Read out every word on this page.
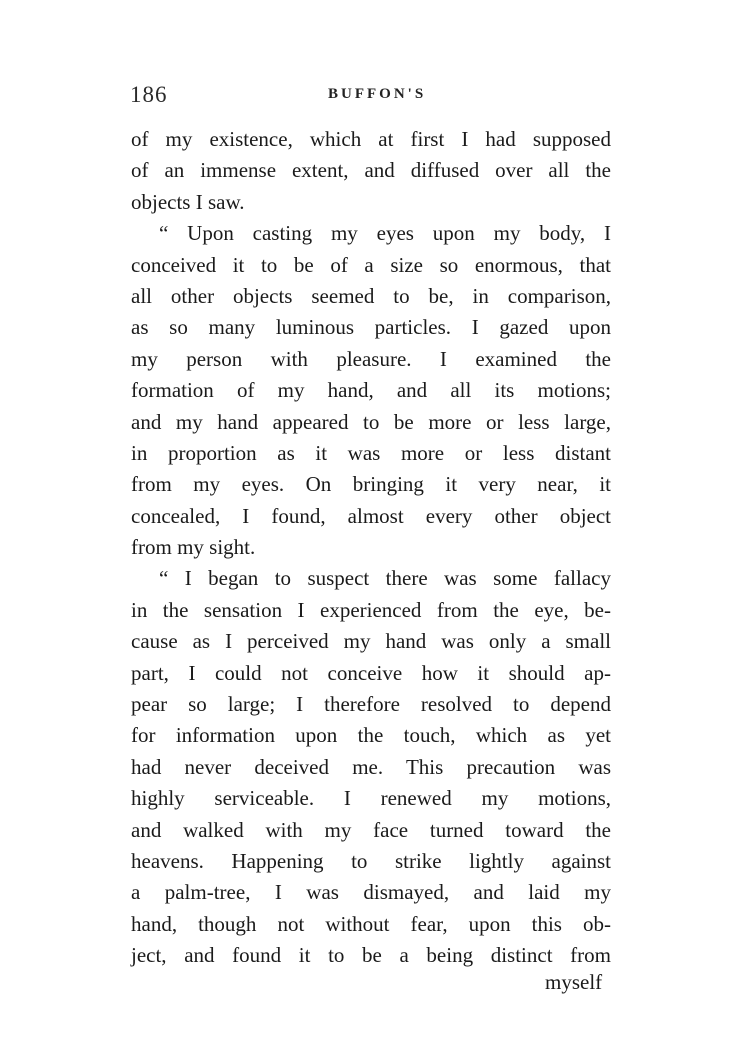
186	BUFFON'S
of my existence, which at first I had supposed
of an immense extent, and diffused over all the
objects I saw.
“ Upon casting my eyes upon my body, I
conceived it to be of a size so enormous, that
all other objects seemed to be, in comparison,
as so many luminous particles. I gazed upon
my person with pleasure. I examined the
formation of my hand, and all its motions;
and my hand appeared to be more or less large,
in proportion as it was more or less distant
from my eyes. On bringing it very near, it
concealed, I found, almost every other object
from my sight.
“ I began to suspect there was some fallacy
in the sensation I experienced from the eye, be-
cause as I perceived my hand was only a small
part, I could not conceive how it should ap-
pear so large; I therefore resolved to depend
for information upon the touch, which as yet
had never deceived me. This precaution was
highly serviceable. I renewed my motions,
and walked with my face turned toward the
heavens. Happening to strike lightly against
a palm-tree, I was dismayed, and laid my
hand, though not without fear, upon this ob-
ject, and found it to be a being distinct from
myself
